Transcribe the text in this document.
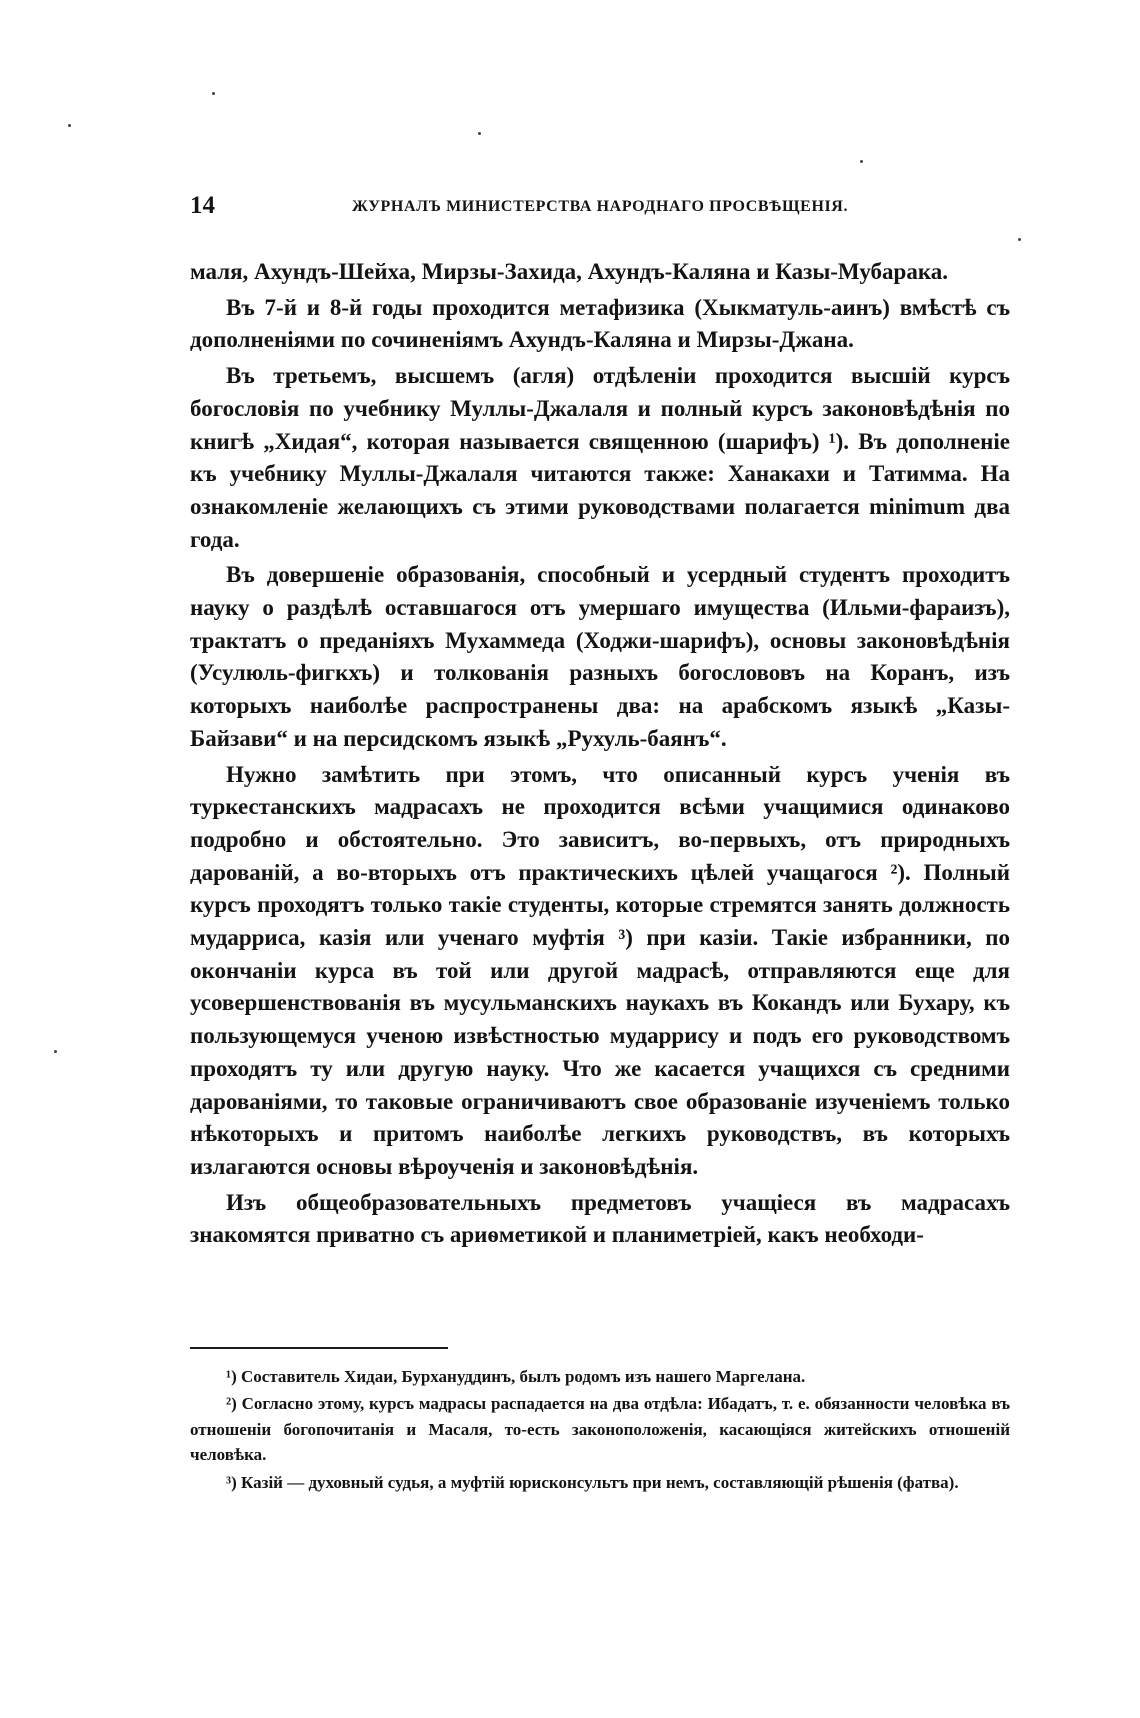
14	ЖУРНАЛЪ МИНИСТЕРСТВА НАРОДНАГО ПРОСВѢЩЕНІЯ.

маля, Ахундъ-Шейха, Мирзы-Захида, Ахундъ-Каляна и Казы-Мубарака.

Въ 7-й и 8-й годы проходится метафизика (Хыкматуль-аинъ) вмѣстѣ съ дополненіями по сочиненіямъ Ахундъ-Каляна и Мирзы-Джана.

Въ третьемъ, высшемъ (агля) отдѣленіи проходится высшій курсъ богословія по учебнику Муллы-Джалаля и полный курсъ законовѣдѣнія по книгѣ „Хидая“, которая называется священною (шарифъ) ¹). Въ дополненіе къ учебнику Муллы-Джалаля читаются также: Ханакахи и Татимма. На ознакомленіе желающихъ съ этими руководствами полагается minimum два года.

Въ довершеніе образованія, способный и усердный студентъ проходитъ науку о раздѣлѣ оставшагося отъ умершаго имущества (Ильми-фараизъ), трактатъ о преданіяхъ Мухаммеда (Ходжи-шарифъ), основы законовѣдѣнія (Усулюль-фигкхъ) и толкованія разныхъ богослововъ на Коранъ, изъ которыхъ наиболѣе распространены два: на арабскомъ языкѣ „Казы-Байзави“ и на персидскомъ языкѣ „Рухуль-баянъ“.

Нужно замѣтить при этомъ, что описанный курсъ ученія въ туркестанскихъ мадрасахъ не проходится всѣми учащимися одинаково подробно и обстоятельно. Это зависитъ, во-первыхъ, отъ природныхъ дарованій, а во-вторыхъ отъ практическихъ цѣлей учащагося ²). Полный курсъ проходятъ только такіе студенты, которые стремятся занять должность мударриса, казія или ученаго муфтія ³) при казіи. Такіе избранники, по окончаніи курса въ той или другой мадрасѣ, отправляются еще для усовершенствованія въ мусульманскихъ наукахъ въ Кокандъ или Бухару, къ пользующемуся ученою извѣстностью мударрису и подъ его руководствомъ проходятъ ту или другую науку. Что же касается учащихся съ средними дарованіями, то таковые ограничиваютъ свое образованіе изученіемъ только нѣкоторыхъ и притомъ наиболѣе легкихъ руководствъ, въ которыхъ излагаются основы вѣроученія и законовѣдѣнія.

Изъ общеобразовательныхъ предметовъ учащіеся въ мадрасахъ знакомятся приватно съ ариѳметикой и планиметріей, какъ необходи-

¹) Составитель Хидаи, Бурхануддинъ, былъ родомъ изъ нашего Маргелана.

²) Согласно этому, курсъ мадрасы распадается на два отдѣла: Ибадатъ, т. е. обязанности человѣка въ отношеніи богопочитанія и Масаля, то-есть законоположенія, касающіяся житейскихъ отношеній человѣка.

³) Казій — духовный судья, а муфтій юрисконсультъ при немъ, составляющій рѣшенія (фатва).
